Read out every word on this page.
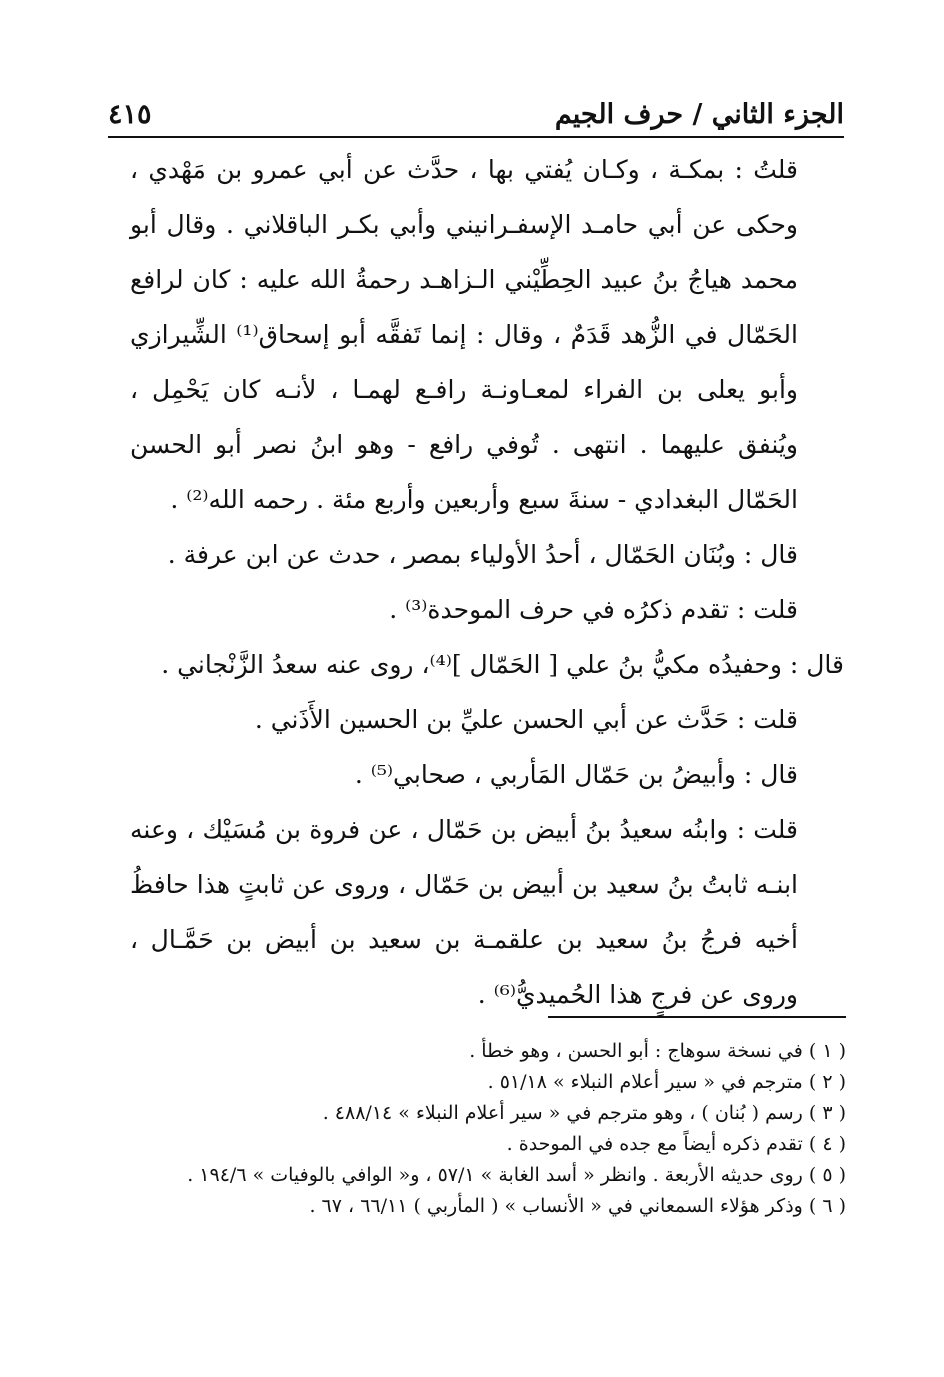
الجزء الثاني / حرف الجيم
٤١٥

قلتُ : بمكـة ، وكـان يُفتي بها ، حدَّث عن أبي عمرو بن مَهْدي ، وحكى عن أبي حامـد الإسفـرانيني وأبي بكـر الباقلاني . وقال أبو محمد هياجُ بنُ عبيد الحِطِّيْني الـزاهـد رحمةُ الله عليه : كان لرافع الحَمّال في الزُّهد قَدَمٌ ، وقال : إنما تَفقَّه أبو إسحاق⁽¹⁾ الشِّيرازي وأبو يعلى بن الفراء لمعـاونـة رافـع لهمـا ، لأنـه كان يَحْمِل ، ويُنفق عليهما . انتهى . تُوفي رافع - وهو ابنُ نصر أبو الحسن الحَمّال البغدادي - سنةَ سبع وأربعين وأربع مئة . رحمه الله⁽²⁾ .

قال : وبُنَان الحَمّال ، أحدُ الأولياء بمصر ، حدث عن ابن عرفة .

قلت : تقدم ذكرُه في حرف الموحدة⁽³⁾ .

قال : وحفيدُه مكيُّ بنُ علي [ الحَمّال ]⁽⁴⁾، روى عنه سعدُ الزَّنْجاني .

قلت : حَدَّث عن أبي الحسن عليِّ بن الحسين الأَذَني .

قال : وأبيضُ بن حَمّال المَأربي ، صحابي⁽⁵⁾ .

قلت : وابنُه سعيدُ بنُ أبيض بن حَمّال ، عن فروة بن مُسَيْك ، وعنه ابنـه ثابتُ بنُ سعيد بن أبيض بن حَمّال ، وروى عن ثابتٍ هذا حافظُ أخيه فرجُ بنُ سعيد بن علقمـة بن سعيد بن أبيض بن حَمَّـال ، وروى عن فرجٍ هذا الحُميديُّ⁽⁶⁾ .

( ١ ) في نسخة سوهاج : أبو الحسن ، وهو خطأ .

( ٢ ) مترجم في « سير أعلام النبلاء » ٥١/١٨ .

( ٣ ) رسم ( بُنان ) ، وهو مترجم في « سير أعلام النبلاء » ٤٨٨/١٤ .

( ٤ ) تقدم ذكره أيضاً مع جده في الموحدة .

( ٥ ) روى حديثه الأربعة . وانظر « أسد الغابة » ٥٧/١ ، و« الوافي بالوفيات » ١٩٤/٦ .

( ٦ ) وذكر هؤلاء السمعاني في « الأنساب » ( المأربي ) ٦٦/١١ ، ٦٧ .
